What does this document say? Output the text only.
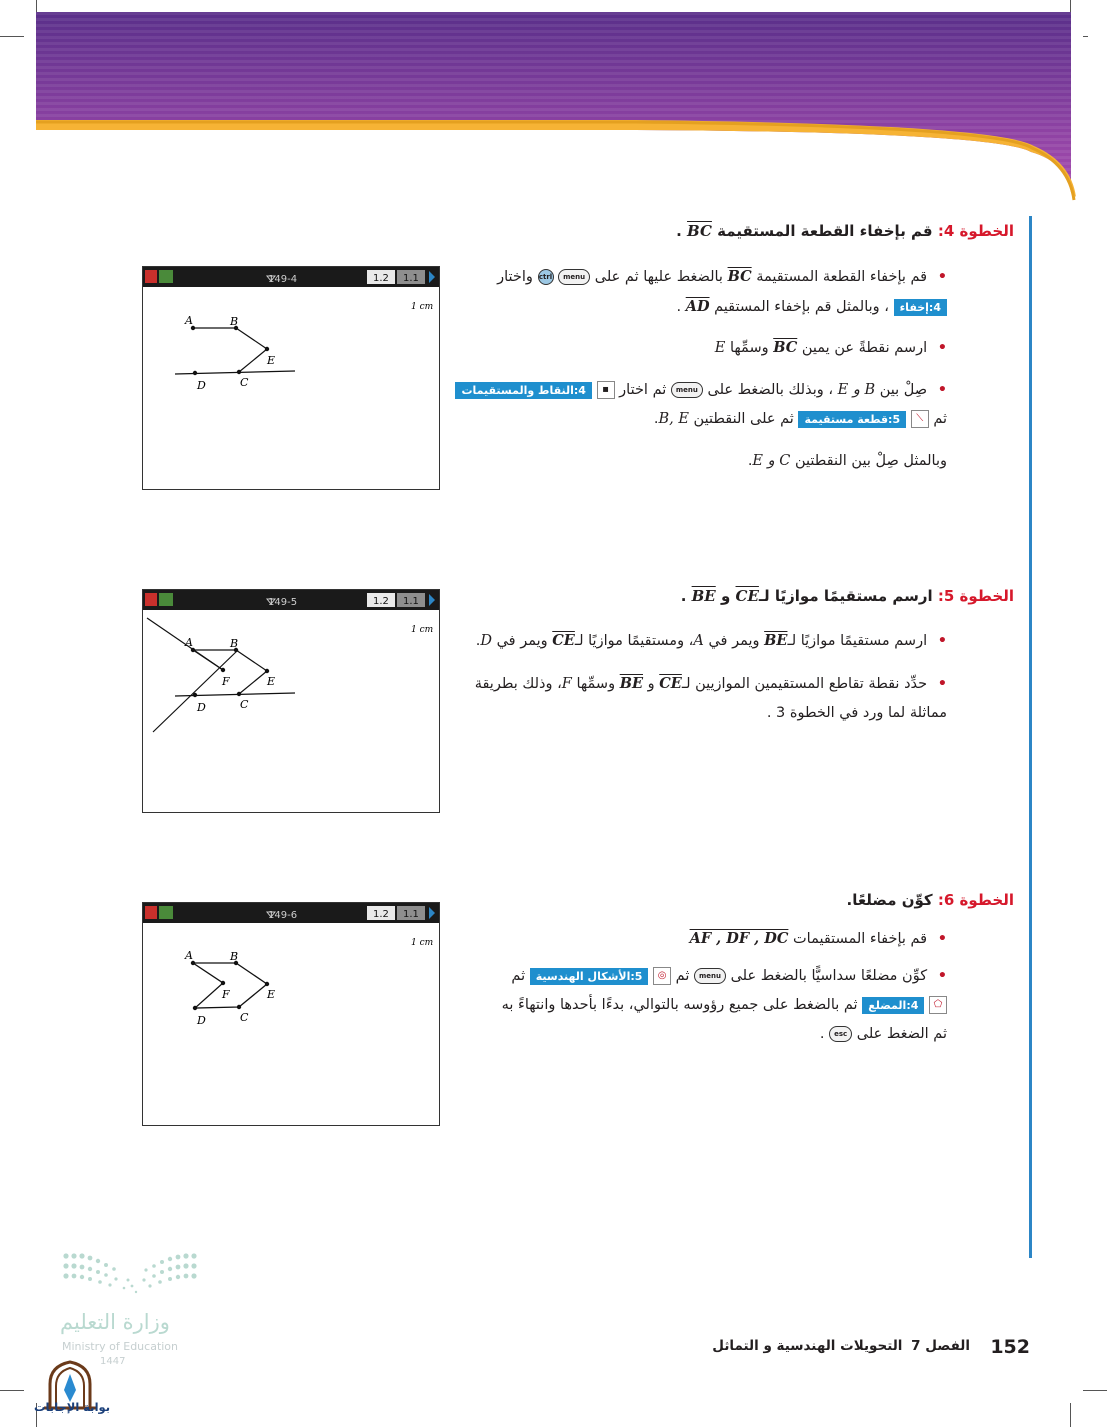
الخطوة 4: قم بإخفاء القطعة المستقيمة BC .
• قم بإخفاء القطعة المستقيمة BC بالضغط عليها ثم على menu ctrl واختار
4:إخفاء ، وبالمثل قم بإخفاء المستقيم AD .
• ارسم نقطةً عن يمين BC وسمِّها E
• صِلْ بين B و E ، وبذلك بالضغط على menu ثم اختار ▪ 4:النقاط والمستقيمات
ثم ⟋ 5:قطعة مستقيمة ثم على النقطتين B, E.
وبالمثل صِلْ بين النقطتين C و E.
149-4	1.2 1.1
1 cm
A	B
E
D	C
الخطوة 5: ارسم مستقيمًا موازيًا لـCE و BE .
• ارسم مستقيمًا موازيًا لـBE ويمر في A، ومستقيمًا موازيًا لـCE ويمر في D.
• حدِّد نقطة تقاطع المستقيمين الموازيين لـCE و BE وسمِّها F، وذلك بطريقة
مماثلة لما ورد في الخطوة 3 .
149-5	1.2 1.1
1 cm
A	B
F	E
D	C
الخطوة 6: كوِّن مضلعًا.
• قم بإخفاء المستقيمات AF , DF , DC
• كوِّن مضلعًا سداسيًّا بالضغط على menu ثم ◎ 5:الأشكال الهندسية ثم
⬠ 4:المضلع ثم بالضغط على جميع رؤوسه بالتوالي، بدءًا بأحدها وانتهاءً به
ثم الضغط على esc .
149-6	1.2 1.1
1 cm
A	B
F	E
D	C
الفصل 7 التحويلات الهندسية و التماثل	152
وزارة التعليم
Ministry of Education
1447
بوابة الإجابات
